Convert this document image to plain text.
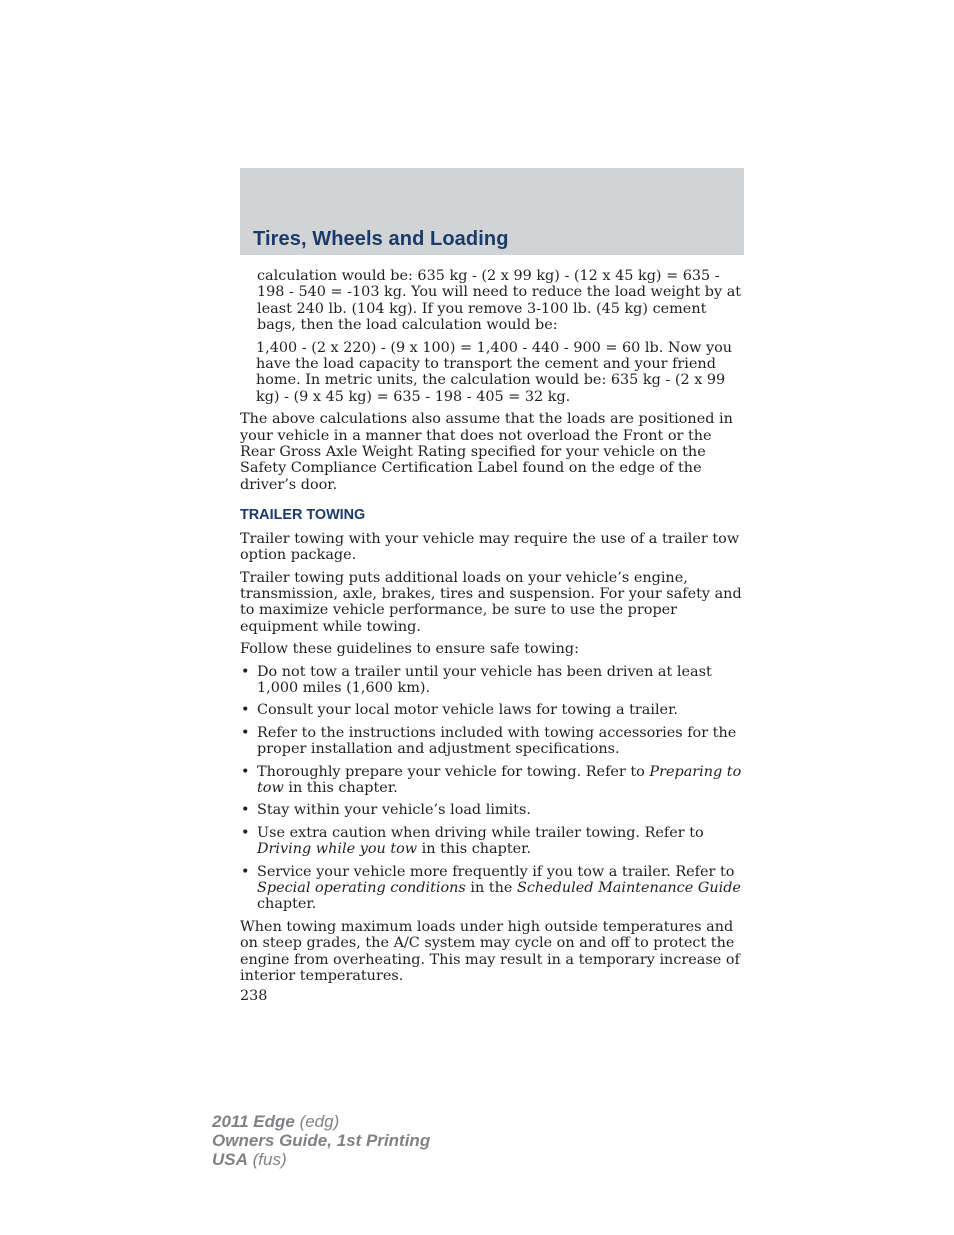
Tires, Wheels and Loading

calculation would be: 635 kg - (2 x 99 kg) - (12 x 45 kg) = 635 - 198 - 540 = -103 kg. You will need to reduce the load weight by at least 240 lb. (104 kg). If you remove 3-100 lb. (45 kg) cement bags, then the load calculation would be:

1,400 - (2 x 220) - (9 x 100) = 1,400 - 440 - 900 = 60 lb. Now you have the load capacity to transport the cement and your friend home. In metric units, the calculation would be: 635 kg - (2 x 99 kg) - (9 x 45 kg) = 635 - 198 - 405 = 32 kg.

The above calculations also assume that the loads are positioned in your vehicle in a manner that does not overload the Front or the Rear Gross Axle Weight Rating specified for your vehicle on the Safety Compliance Certification Label found on the edge of the driver’s door.

TRAILER TOWING

Trailer towing with your vehicle may require the use of a trailer tow option package.

Trailer towing puts additional loads on your vehicle’s engine, transmission, axle, brakes, tires and suspension. For your safety and to maximize vehicle performance, be sure to use the proper equipment while towing.

Follow these guidelines to ensure safe towing:

• Do not tow a trailer until your vehicle has been driven at least 1,000 miles (1,600 km).
• Consult your local motor vehicle laws for towing a trailer.
• Refer to the instructions included with towing accessories for the proper installation and adjustment specifications.
• Thoroughly prepare your vehicle for towing. Refer to Preparing to tow in this chapter.
• Stay within your vehicle’s load limits.
• Use extra caution when driving while trailer towing. Refer to Driving while you tow in this chapter.
• Service your vehicle more frequently if you tow a trailer. Refer to Special operating conditions in the Scheduled Maintenance Guide chapter.

When towing maximum loads under high outside temperatures and on steep grades, the A/C system may cycle on and off to protect the engine from overheating. This may result in a temporary increase of interior temperatures.

238
2011 Edge (edg)
Owners Guide, 1st Printing
USA (fus)
